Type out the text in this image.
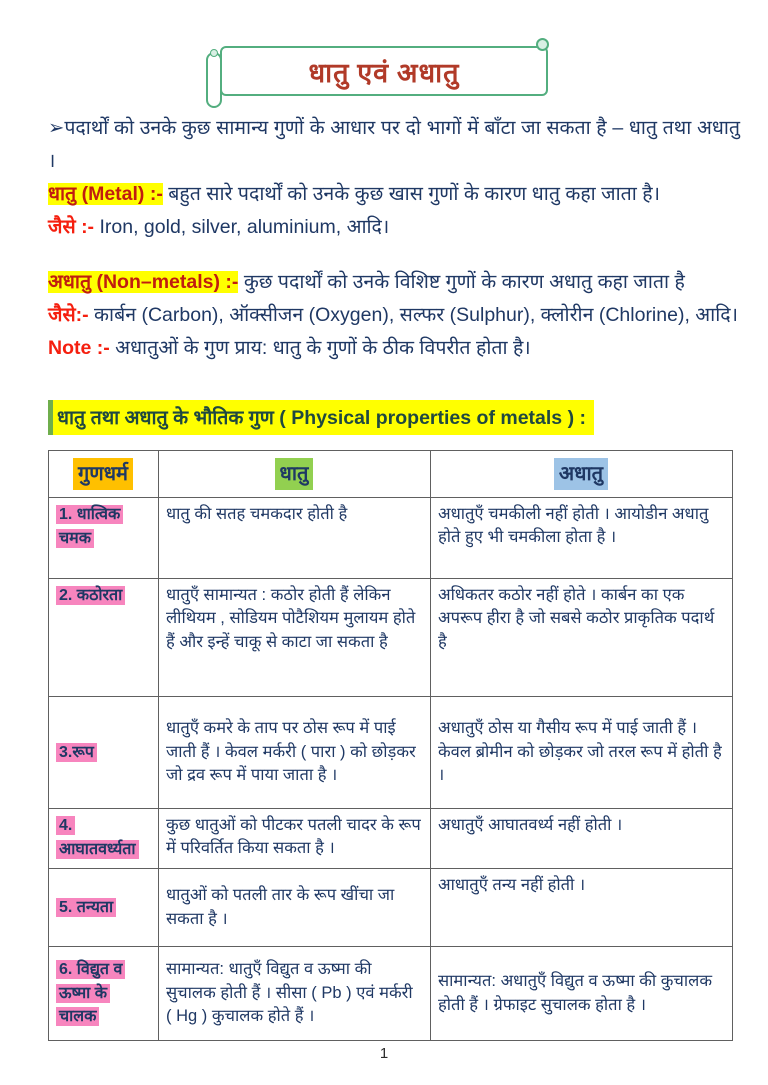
धातु एवं अधातु

➢पदार्थों को उनके कुछ सामान्य गुणों के आधार पर दो भागों में बाँटा जा सकता है – धातु तथा अधातु ।

धातु (Metal) :- बहुत सारे पदार्थों को उनके कुछ खास गुणों के कारण धातु कहा जाता है।

जैसे :- Iron, gold, silver, aluminium, आदि।

अधातु (Non–metals) :- कुछ पदार्थों को उनके विशिष्ट गुणों के कारण अधातु कहा जाता है

जैसे:- कार्बन (Carbon), ऑक्सीजन (Oxygen), सल्फर (Sulphur), क्लोरीन (Chlorine), आदि।

Note :- अधातुओं के गुण प्राय: धातु के गुणों के ठीक विपरीत होता है।

धातु तथा अधातु के भौतिक गुण ( Physical properties of metals ) :
गुणधर्म	धातु	अधातु
1. धात्विक चमक	धातु की सतह चमकदार होती है	अधातुएँ चमकीली नहीं होती । आयोडीन अधातु होते हुए भी चमकीला होता है ।
2. कठोरता	धातुएँ सामान्यत : कठोर होती हैं लेकिन लीथियम , सोडियम पोटैशियम मुलायम होते हैं और इन्हें चाकू से काटा जा सकता है	अधिकतर कठोर नहीं होते । कार्बन का एक अपरूप हीरा है जो सबसे कठोर प्राकृतिक पदार्थ है
3.रूप	धातुएँ कमरे के ताप पर ठोस रूप में पाई जाती हैं । केवल मर्करी ( पारा ) को छोड़कर जो द्रव रूप में पाया जाता है ।	अधातुएँ ठोस या गैसीय रूप में पाई जाती हैं । केवल ब्रोमीन को छोड़कर जो तरल रूप में होती है ।
4. आघातवर्ध्यता	कुछ धातुओं को पीटकर पतली चादर के रूप में परिवर्तित किया सकता है ।	अधातुएँ आघातवर्ध्य नहीं होती ।
5. तन्यता	धातुओं को पतली तार के रूप खींचा जा सकता है ।	आधातुएँ तन्य नहीं होती ।
6. विद्युत व ऊष्मा के चालक	सामान्यत: धातुएँ विद्युत व ऊष्मा की सुचालक होती हैं । सीसा ( Pb ) एवं मर्करी ( Hg ) कुचालक होते हैं ।	सामान्यत: अधातुएँ विद्युत व ऊष्मा की कुचालक होती हैं । ग्रेफाइट सुचालक होता है ।
1
